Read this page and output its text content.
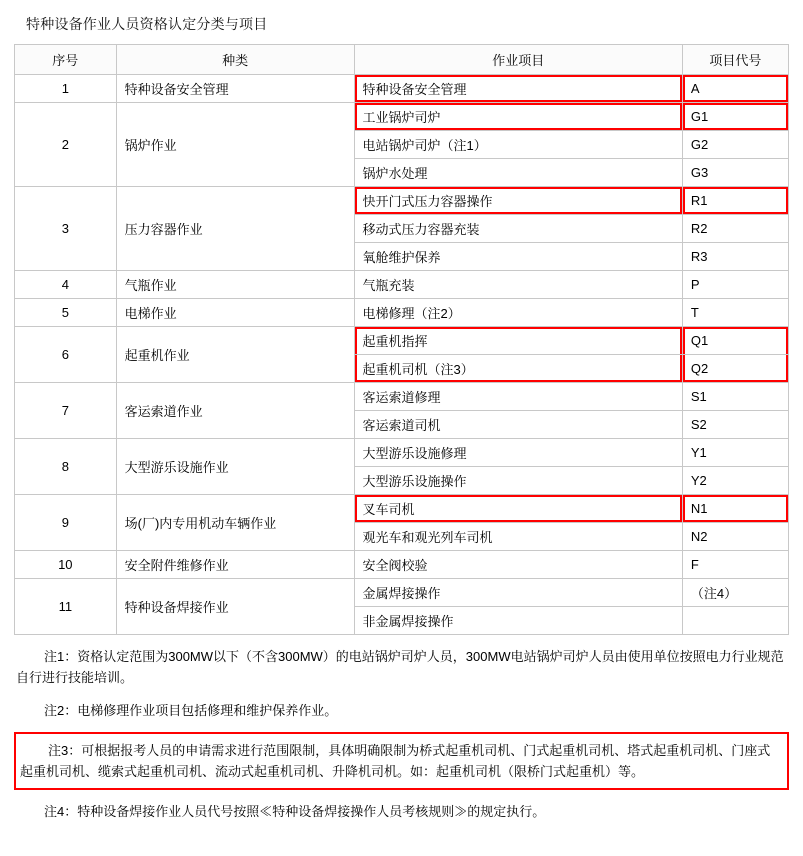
特种设备作业人员资格认定分类与项目
序号	种类	作业项目	项目代号
1	特种设备安全管理	特种设备安全管理	A
2	锅炉作业	工业锅炉司炉	G1
		电站锅炉司炉（注1）	G2
		锅炉水处理	G3
3	压力容器作业	快开门式压力容器操作	R1
		移动式压力容器充装	R2
		氧舱维护保养	R3
4	气瓶作业	气瓶充装	P
5	电梯作业	电梯修理（注2）	T
6	起重机作业	起重机指挥	Q1
		起重机司机（注3）	Q2
7	客运索道作业	客运索道修理	S1
		客运索道司机	S2
8	大型游乐设施作业	大型游乐设施修理	Y1
		大型游乐设施操作	Y2
9	场(厂)内专用机动车辆作业	叉车司机	N1
		观光车和观光列车司机	N2
10	安全附件维修作业	安全阀校验	F
11	特种设备焊接作业	金属焊接操作	（注4）
		非金属焊接操作	

注1：资格认定范围为300MW以下（不含300MW）的电站锅炉司炉人员，300MW电站锅炉司炉人员由使用单位按照电力行业规范自行进行技能培训。

注2：电梯修理作业项目包括修理和维护保养作业。

注3：可根据报考人员的申请需求进行范围限制，具体明确限制为桥式起重机司机、门式起重机司机、塔式起重机司机、门座式起重机司机、缆索式起重机司机、流动式起重机司机、升降机司机。如：起重机司机（限桥门式起重机）等。

注4：特种设备焊接作业人员代号按照≪特种设备焊接操作人员考核规则≫的规定执行。
